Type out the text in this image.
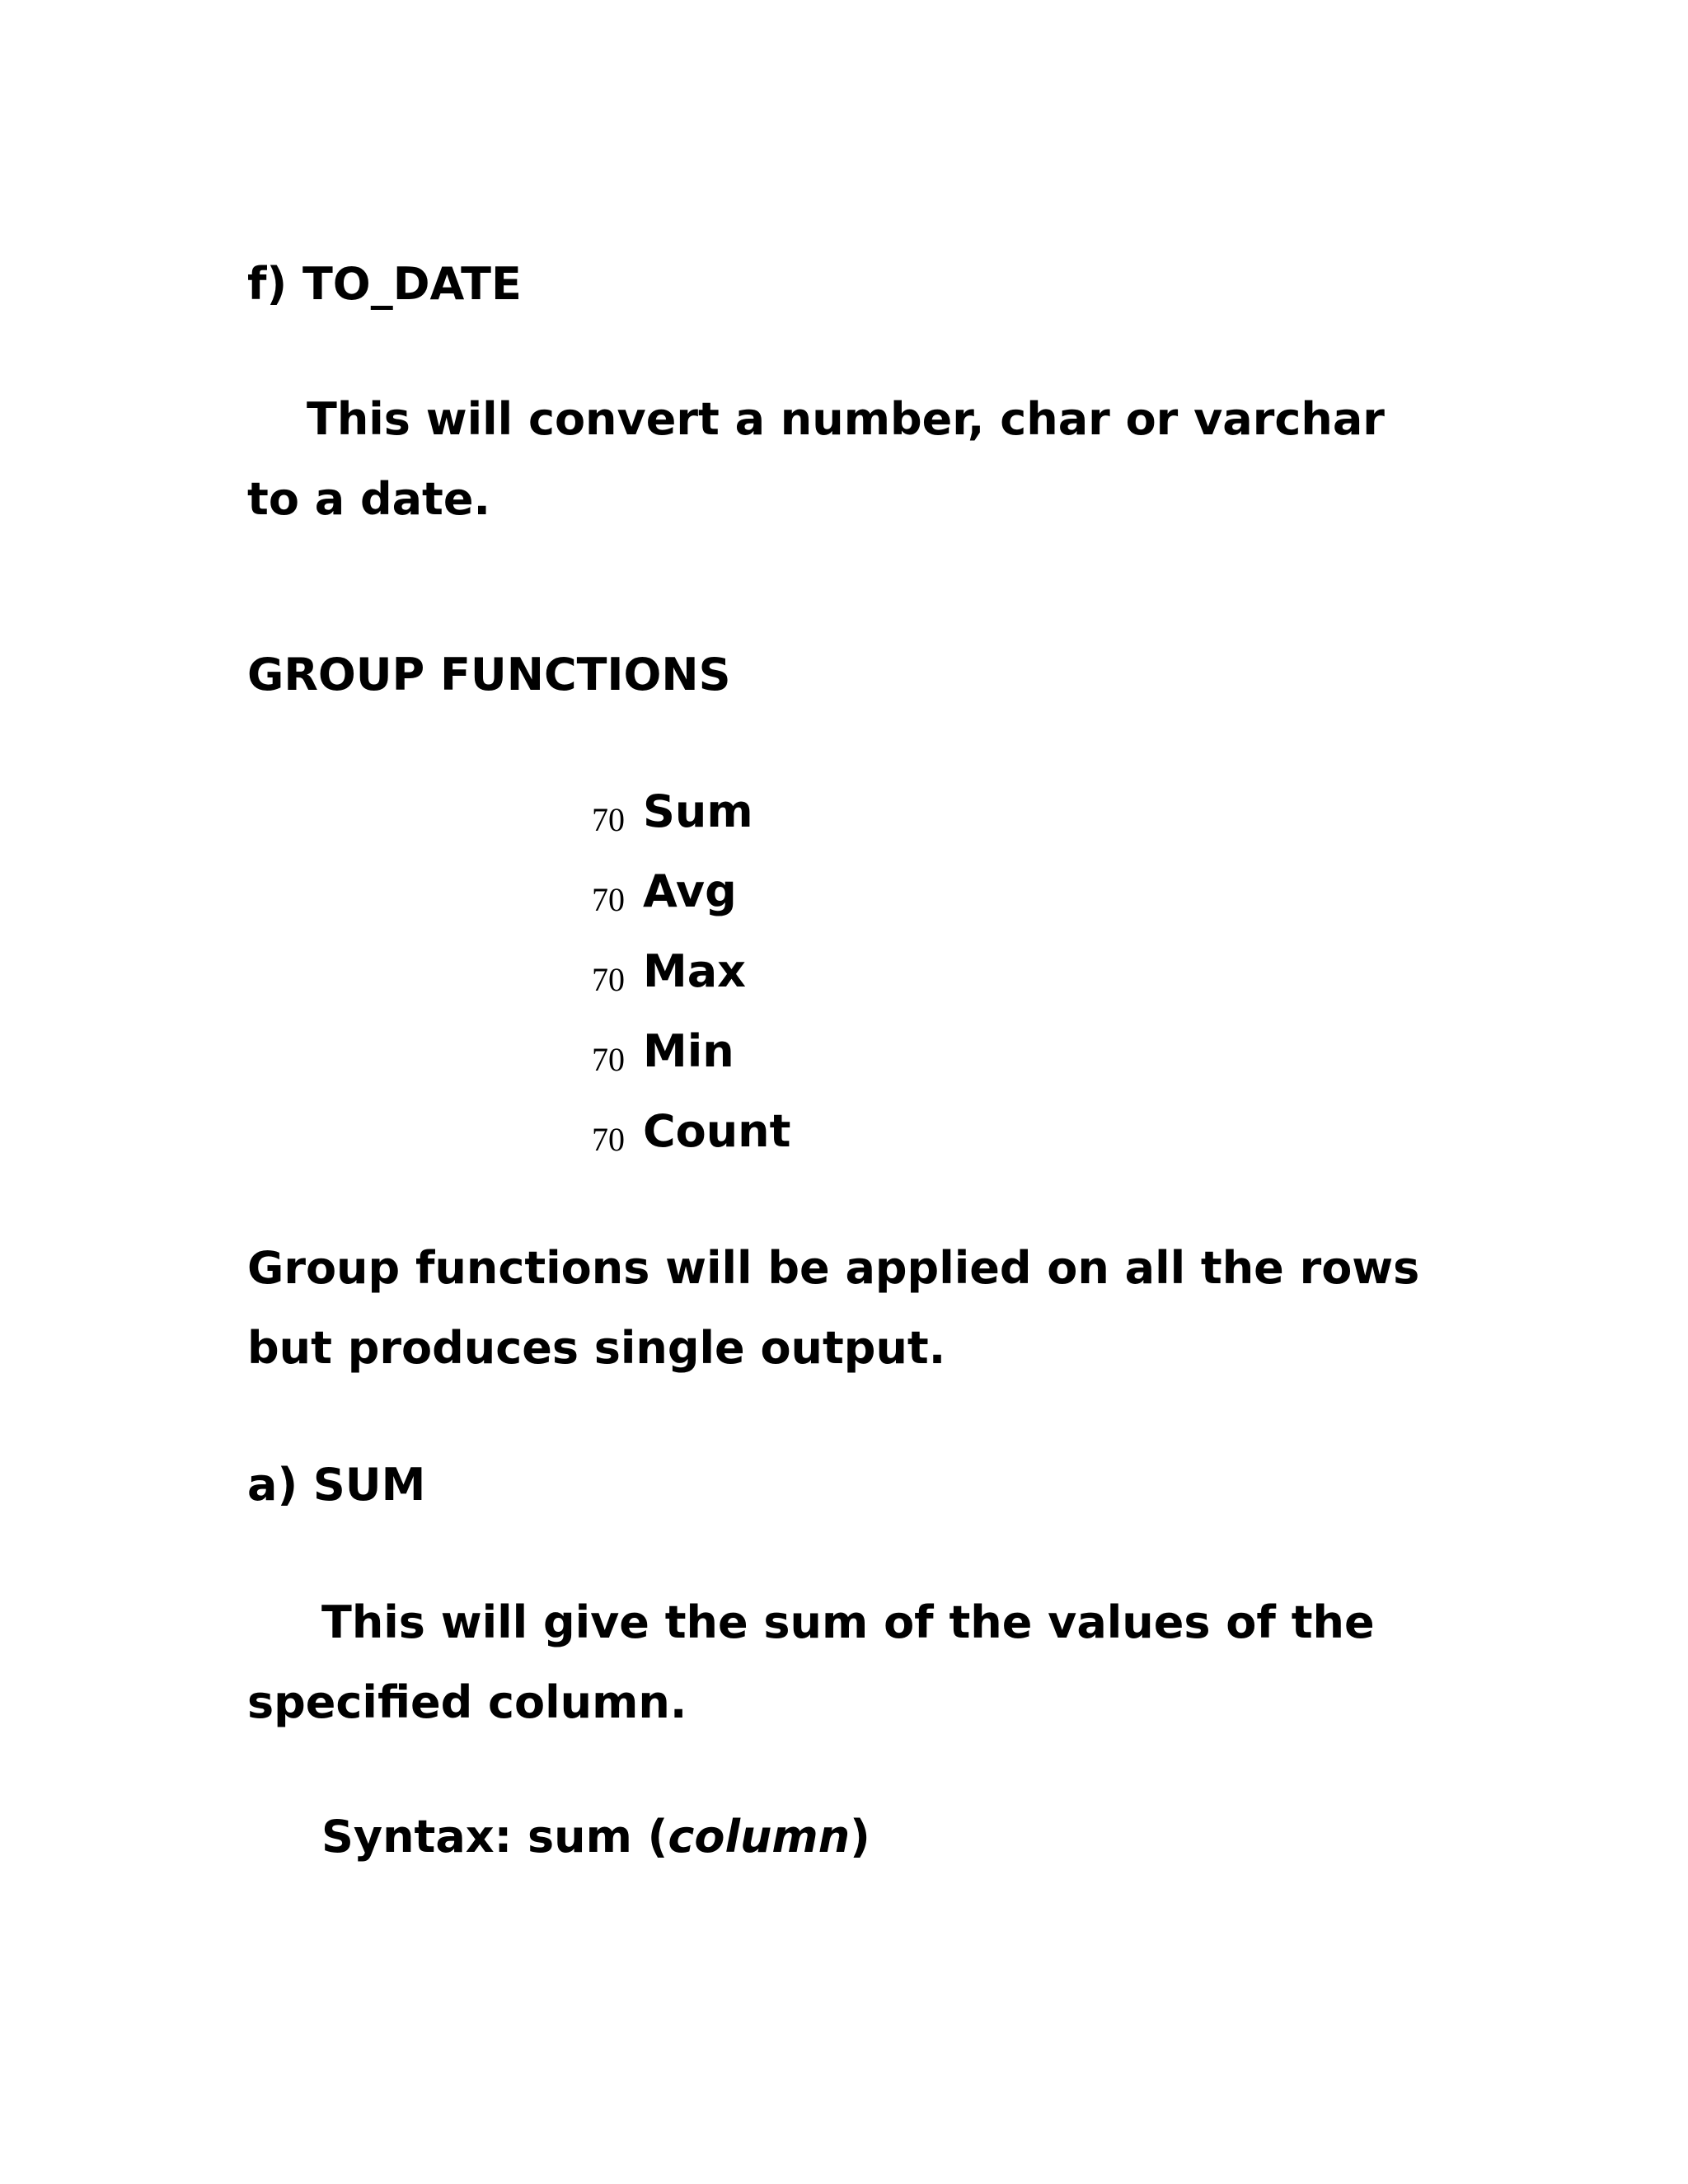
f) TO_DATE

This will convert a number, char or varchar

to a date.

GROUP FUNCTIONS
70 Sum
70 Avg
70 Max
70 Min
70 Count

Group functions will be applied on all the rows

but produces single output.

a) SUM

This will give the sum of the values of the

specified column.

Syntax: sum (column)
